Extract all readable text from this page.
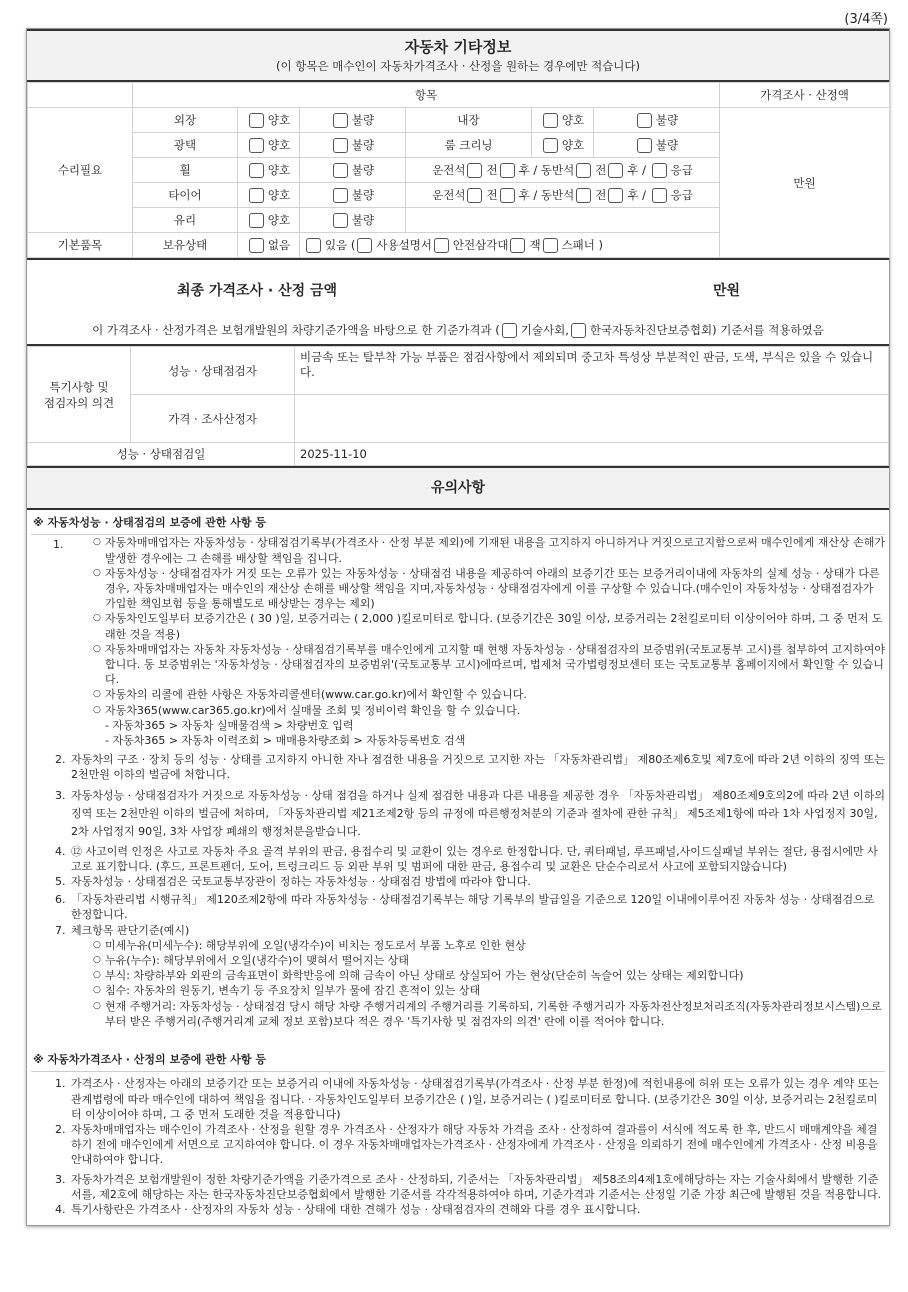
(3/4쪽)
자동차 기타정보
(이 항목은 매수인이 자동차가격조사 · 산정을 원하는 경우에만 적습니다)
	항목						가격조사 · 산정액
수리필요	외장	양호	불량	내장	양호	불량	만원
	광택	양호	불량	룸 크리닝	양호	불량	
	휠	양호	불량	운전석 전 후 / 동반석 전 후 / 응급			
	타이어	양호	불량	운전석 전 후 / 동반석 전 후 / 응급			
	유리	양호	불량				
기본품목	보유상태	없음	있음 ( 사용설명서 안전삼각대 잭 스패너 )				
최종 가격조사 · 산정 금액	만원
이 가격조사 · 산정가격은 보험개발원의 차량기준가액을 바탕으로 한 기준가격과 ( 기술사회, 한국자동차진단보증협회) 기준서를 적용하였음
특기사항 및
점검자의 의견	성능 · 상태점검자	비금속 또는 탈부착 가능 부품은 점검사항에서 제외되며 중고차 특성상 부분적인 판금, 도색, 부식은 있을 수 있습니다.
	가격 · 조사산정자	
성능 · 상태점검일		2025-11-10
유의사항
※ 자동차성능 · 상태점검의 보증에 관한 사항 등
1.
	○ 자동차매매업자는 자동차성능 · 상태점검기록부(가격조사 · 산정 부분 제외)에 기재된 내용을 고지하지 아니하거나 거짓으로고지함으로써 매수인에게 재산상 손해가 발생한 경우에는 그 손해를 배상할 책임을 집니다.
○ 자동차성능 · 상태점검자가 거짓 또는 오류가 있는 자동차성능 · 상태점검 내용을 제공하여 아래의 보증기간 또는 보증거리이내에 자동차의 실제 성능 · 상태가 다른 경우, 자동차매매업자는 매수인의 재산상 손해를 배상할 책임을 지며,자동차성능 · 상태점검자에게 이를 구상할 수 있습니다.(매수인이 자동차성능 · 상태점검자가 가입한 책임보험 등을 통해별도로 배상받는 경우는 제외)
○ 자동차인도일부터 보증기간은 ( 30 )일, 보증거리는 ( 2,000 )킬로미터로 합니다. (보증기간은 30일 이상, 보증거리는 2천킬로미터 이상이어야 하며, 그 중 먼저 도래한 것을 적용)
○ 자동차매매업자는 자동차 자동차성능 · 상태점검기록부를 매수인에게 고지할 때 현행 자동차성능 · 상태점검자의 보증범위(국토교통부 고시)를 첨부하여 고지하여야 합니다. 동 보증범위는 '자동차성능 · 상태점검자의 보증범위'(국토교통부 고시)에따르며, 법제처 국가법령정보센터 또는 국토교통부 홈페이지에서 확인할 수 있습니다.
○ 자동차의 리콜에 관한 사항은 자동차리콜센터(www.car.go.kr)에서 확인할 수 있습니다.
○ 자동차365(www.car365.go.kr)에서 실매물 조회 및 정비이력 확인을 할 수 있습니다.
- 자동차365 > 자동차 실매물검색 > 차량번호 입력
- 자동차365 > 자동차 이력조회 > 매매용차량조회 > 자동차등록번호 검색
2. 자동차의 구조 · 장치 등의 성능 · 상태를 고지하지 아니한 자나 점검한 내용을 거짓으로 고지한 자는 「자동차관리법」 제80조제6호및 제7호에 따라 2년 이하의 징역 또는 2천만원 이하의 벌금에 처합니다.
3. 자동차성능 · 상태점검자가 거짓으로 자동차성능 · 상태 점검을 하거나 실제 점검한 내용과 다른 내용을 제공한 경우 「자동차관리법」 제80조제9호의2에 따라 2년 이하의 징역 또는 2천만원 이하의 벌금에 처하며, 「자동차관리법 제21조제2항 등의 규정에 따른행정처분의 기준과 절차에 관한 규칙」 제5조제1항에 따라 1차 사업정지 30일, 2차 사업정지 90일, 3차 사업장 폐쇄의 행정처분을받습니다.
4. ⑫ 사고이력 인정은 사고로 자동차 주요 골격 부위의 판금, 용접수리 및 교환이 있는 경우로 한정합니다. 단, 쿼터패널, 루프패널,사이드실패널 부위는 절단, 용접시에만 사고로 표기합니다. (후드, 프론트펜더, 도어, 트렁크리드 등 외판 부위 및 범퍼에 대한 판금, 용접수리 및 교환은 단순수리로서 사고에 포함되지않습니다)
5. 자동차성능 · 상태점검은 국토교통부장관이 정하는 자동차성능 · 상태점검 방법에 따라야 합니다.
6. 「자동차관리법 시행규칙」 제120조제2항에 따라 자동차성능 · 상태점검기록부는 해당 기록부의 발급일을 기준으로 120일 이내에이루어진 자동차 성능 · 상태점검으로 한정합니다.
7. 체크항목 판단기준(예시)
○ 미세누유(미세누수): 해당부위에 오일(냉각수)이 비치는 정도로서 부품 노후로 인한 현상
○ 누유(누수): 해당부위에서 오일(냉각수)이 맺혀서 떨어지는 상태
○ 부식: 차량하부와 외판의 금속표면이 화학반응에 의해 금속이 아닌 상태로 상실되어 가는 현상(단순히 녹슬어 있는 상태는 제외합니다)
○ 침수: 자동차의 원동기, 변속기 등 주요장치 일부가 물에 잠긴 흔적이 있는 상태
○ 현재 주행거리: 자동차성능 · 상태점검 당시 해당 차량 주행거리계의 주행거리를 기록하되, 기록한 주행거리가 자동차전산정보처리조직(자동차관리정보시스템)으로부터 받은 주행거리(주행거리계 교체 정보 포함)보다 적은 경우 '특기사항 및 점검자의 의견' 란에 이를 적어야 합니다.
※ 자동차가격조사 · 산정의 보증에 관한 사항 등
1. 가격조사 · 산정자는 아래의 보증기간 또는 보증거리 이내에 자동차성능 · 상태점검기록부(가격조사 · 산정 부분 한정)에 적힌내용에 허위 또는 오류가 있는 경우 계약 또는 관계법령에 따라 매수인에 대하여 책임을 집니다. · 자동차인도일부터 보증기간은 ( )일, 보증거리는 ( )킬로미터로 합니다. (보증기간은 30일 이상, 보증거리는 2천킬로미터 이상이어야 하며, 그 중 먼저 도래한 것을 적용합니다)
2. 자동차매매업자는 매수인이 가격조사 · 산정을 원할 경우 가격조사 · 산정자가 해당 자동차 가격을 조사 · 산정하여 결과를이 서식에 적도록 한 후, 반드시 매매계약을 체결하기 전에 매수인에게 서면으로 고지하여야 합니다. 이 경우 자동차매매업자는가격조사 · 산정자에게 가격조사 · 산정을 의뢰하기 전에 매수인에게 가격조사 · 산정 비용을 안내하여야 합니다.
3. 자동차가격은 보험개발원이 정한 차량기준가액을 기준가격으로 조사 · 산정하되, 기준서는 「자동차관리법」 제58조의4제1호에해당하는 자는 기술사회에서 발행한 기준서를, 제2호에 해당하는 자는 한국자동차진단보증협회에서 발행한 기준서를 각각적용하여야 하며, 기준가격과 기준서는 산정일 기준 가장 최근에 발행된 것을 적용합니다.
4. 특기사항란은 가격조사 · 산정자의 자동차 성능 · 상태에 대한 견해가 성능 · 상태점검자의 견해와 다를 경우 표시합니다.
